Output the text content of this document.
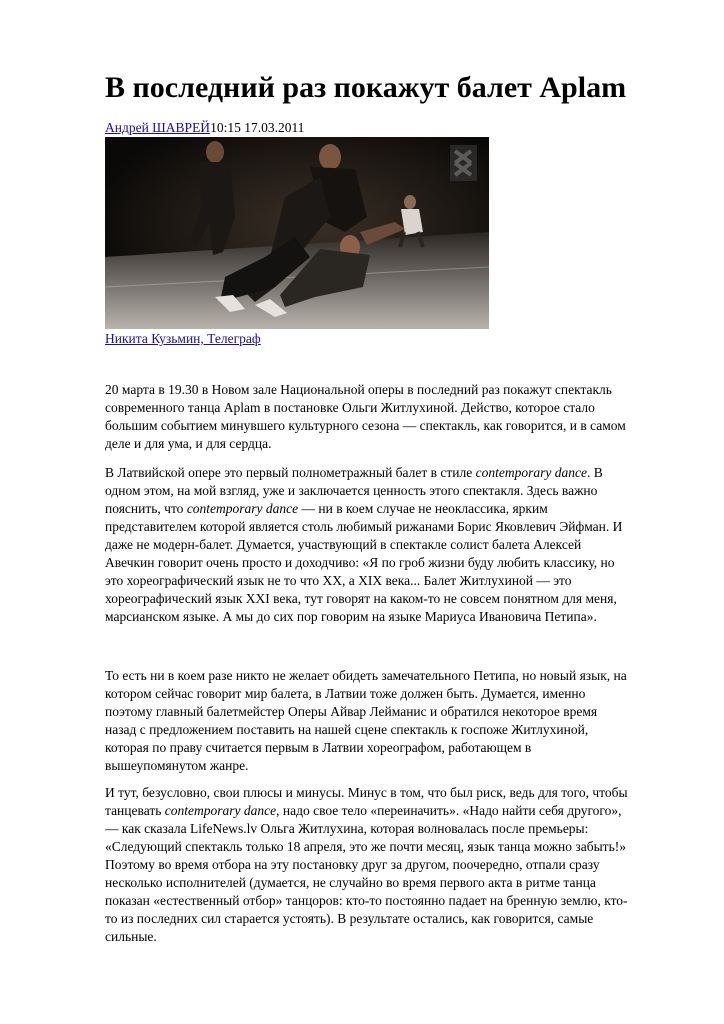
В последний раз покажут балет Aplam
Андрей ШАВРЕЙ10:15 17.03.2011
Никита Кузьмин, Телеграф
20 марта в 19.30 в Новом зале Национальной оперы в последний раз покажут спектакль
современного танца Aplam в постановке Ольги Житлухиной. Действо, которое стало
большим событием минувшего культурного сезона — спектакль, как говорится, и в самом
деле и для ума, и для сердца.
В Латвийской опере это первый полнометражный балет в стиле contemporary dance. В
одном этом, на мой взгляд, уже и заключается ценность этого спектакля. Здесь важно
пояснить, что contemporary dance — ни в коем случае не неоклассика, ярким
представителем которой является столь любимый рижанами Борис Яковлевич Эйфман. И
даже не модерн-балет. Думается, участвующий в спектакле солист балета Алексей
Авечкин говорит очень просто и доходчиво: «Я по гроб жизни буду любить классику, но
это хореографический язык не то что XX, а XIX века... Балет Житлухиной — это
хореографический язык XXI века, тут говорят на каком-то не совсем понятном для меня,
марсианском языке. А мы до сих пор говорим на языке Мариуса Ивановича Петипа».
То есть ни в коем разе никто не желает обидеть замечательного Петипа, но новый язык, на
котором сейчас говорит мир балета, в Латвии тоже должен быть. Думается, именно
поэтому главный балетмейстер Оперы Айвар Лейманис и обратился некоторое время
назад с предложением поставить на нашей сцене спектакль к госпоже Житлухиной,
которая по праву считается первым в Латвии хореографом, работающем в
вышеупомянутом жанре.
И тут, безусловно, свои плюсы и минусы. Минус в том, что был риск, ведь для того, чтобы
танцевать contemporary dance, надо свое тело «переиначить». «Надо найти себя другого»,
— как сказала LifeNews.lv Ольга Житлухина, которая волновалась после премьеры:
«Следующий спектакль только 18 апреля, это же почти месяц, язык танца можно забыть!»
Поэтому во время отбора на эту постановку друг за другом, поочередно, отпали сразу
несколько исполнителей (думается, не случайно во время первого акта в ритме танца
показан «естественный отбор» танцоров: кто-то постоянно падает на бренную землю, кто-
то из последних сил старается устоять). В результате остались, как говорится, самые
сильные.
